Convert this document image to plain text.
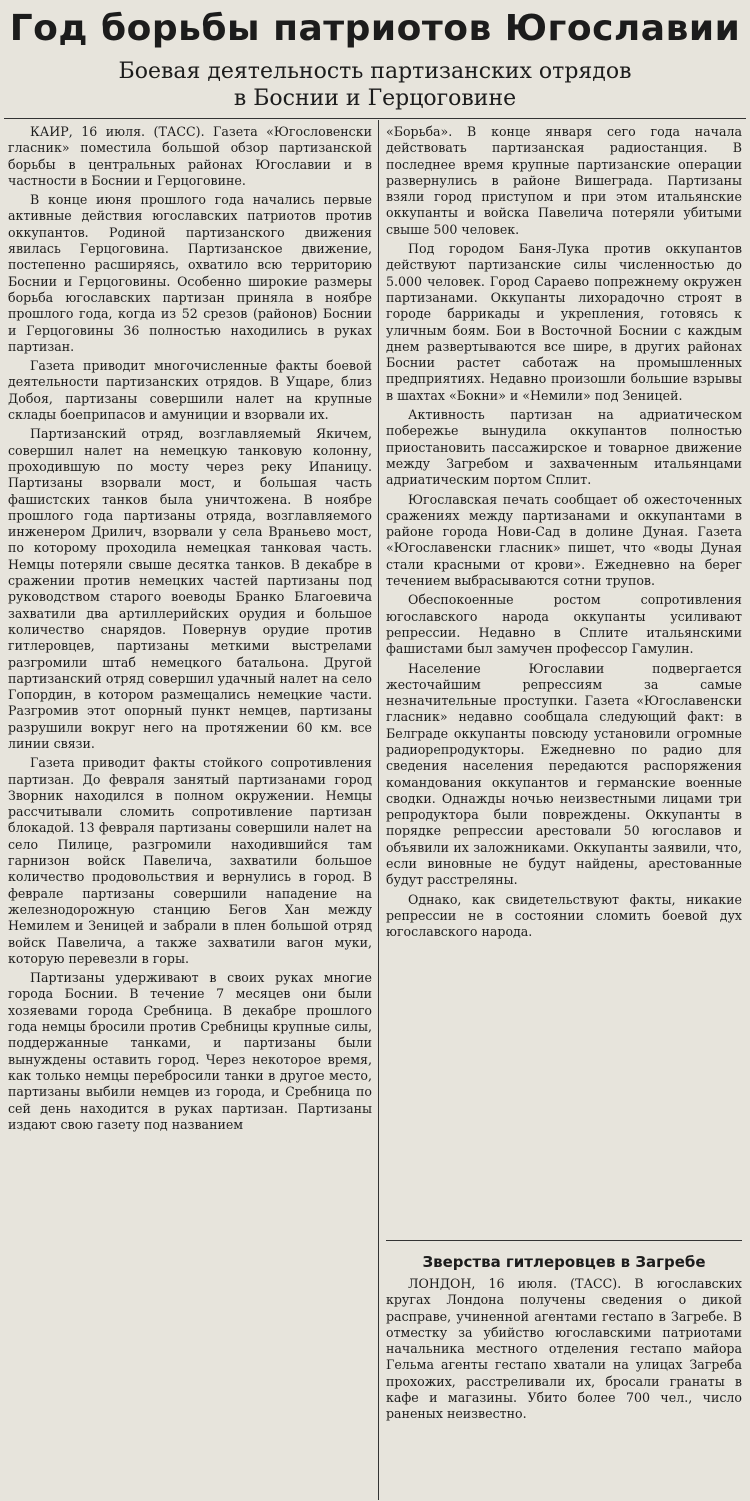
Год борьбы патриотов Югославии
Боевая деятельность партизанских отрядов
в Боснии и Герцоговине

КАИР, 16 июля. (ТАСС). Газета «Югословенски гласник» поместила большой обзор партизанской борьбы в центральных районах Югославии и в частности в Боснии и Герцоговине.

В конце июня прошлого года начались первые активные действия югославских патриотов против оккупантов. Родиной партизанского движения явилась Герцоговина. Партизанское движение, постепенно расширяясь, охватило всю территорию Боснии и Герцоговины. Особенно широкие размеры борьба югославских партизан приняла в ноябре прошлого года, когда из 52 срезов (районов) Боснии и Герцоговины 36 полностью находились в руках партизан.

Газета приводит многочисленные факты боевой деятельности партизанских отрядов. В Ущаре, близ Добоя, партизаны совершили налет на крупные склады боеприпасов и амуниции и взорвали их.

Партизанский отряд, возглавляемый Якичем, совершил налет на немецкую танковую колонну, проходившую по мосту через реку Ипаницу. Партизаны взорвали мост, и большая часть фашистских танков была уничтожена. В ноябре прошлого года партизаны отряда, возглавляемого инженером Дрилич, взорвали у села Враньево мост, по которому проходила немецкая танковая часть. Немцы потеряли свыше десятка танков. В декабре в сражении против немецких частей партизаны под руководством старого воеводы Бранко Благоевича захватили два артиллерийских орудия и большое количество снарядов. Повернув орудие против гитлеровцев, партизаны меткими выстрелами разгромили штаб немецкого батальона. Другой партизанский отряд совершил удачный налет на село Гопордин, в котором размещались немецкие части. Разгромив этот опорный пункт немцев, партизаны разрушили вокруг него на протяжении 60 км. все линии связи.

Газета приводит факты стойкого сопротивления партизан. До февраля занятый партизанами город Зворник находился в полном окружении. Немцы рассчитывали сломить сопротивление партизан блокадой. 13 февраля партизаны совершили налет на село Пилице, разгромили находившийся там гарнизон войск Павелича, захватили большое количество продовольствия и вернулись в город. В феврале партизаны совершили нападение на железнодорожную станцию Бегов Хан между Немилем и Зеницей и забрали в плен большой отряд войск Павелича, а также захватили вагон муки, которую перевезли в горы.

Партизаны удерживают в своих руках многие города Боснии. В течение 7 месяцев они были хозяевами города Сребница. В декабре прошлого года немцы бросили против Сребницы крупные силы, поддержанные танками, и партизаны были вынуждены оставить город. Через некоторое время, как только немцы перебросили танки в другое место, партизаны выбили немцев из города, и Сребница по сей день находится в руках партизан. Партизаны издают свою газету под названием

«Борьба». В конце января сего года начала действовать партизанская радиостанция. В последнее время крупные партизанские операции развернулись в районе Вишеграда. Партизаны взяли город приступом и при этом итальянские оккупанты и войска Павелича потеряли убитыми свыше 500 человек.

Под городом Баня-Лука против оккупантов действуют партизанские силы численностью до 5.000 человек. Город Сараево попрежнему окружен партизанами. Оккупанты лихорадочно строят в городе баррикады и укрепления, готовясь к уличным боям. Бои в Восточной Боснии с каждым днем развертываются все шире, в других районах Боснии растет саботаж на промышленных предприятиях. Недавно произошли большие взрывы в шахтах «Бокни» и «Немили» под Зеницей.

Активность партизан на адриатическом побережье вынудила оккупантов полностью приостановить пассажирское и товарное движение между Загребом и захваченным итальянцами адриатическим портом Сплит.

Югославская печать сообщает об ожесточенных сражениях между партизанами и оккупантами в районе города Нови-Сад в долине Дуная. Газета «Югославенски гласник» пишет, что «воды Дуная стали красными от крови». Ежедневно на берег течением выбрасываются сотни трупов.

Обеспокоенные ростом сопротивления югославского народа оккупанты усиливают репрессии. Недавно в Сплите итальянскими фашистами был замучен профессор Гамулин.

Население Югославии подвергается жесточайшим репрессиям за самые незначительные проступки. Газета «Югославенски гласник» недавно сообщала следующий факт: в Белграде оккупанты повсюду установили огромные радиорепродукторы. Ежедневно по радио для сведения населения передаются распоряжения командования оккупантов и германские военные сводки. Однажды ночью неизвестными лицами три репродуктора были повреждены. Оккупанты в порядке репрессии арестовали 50 югославов и объявили их заложниками. Оккупанты заявили, что, если виновные не будут найдены, арестованные будут расстреляны.

Однако, как свидетельствуют факты, никакие репрессии не в состоянии сломить боевой дух югославского народа.

Зверства гитлеровцев в Загребе

ЛОНДОН, 16 июля. (ТАСС). В югославских кругах Лондона получены сведения о дикой расправе, учиненной агентами гестапо в Загребе. В отместку за убийство югославскими патриотами начальника местного отделения гестапо майора Гельма агенты гестапо хватали на улицах Загреба прохожих, расстреливали их, бросали гранаты в кафе и магазины. Убито более 700 чел., число раненых неизвестно.
